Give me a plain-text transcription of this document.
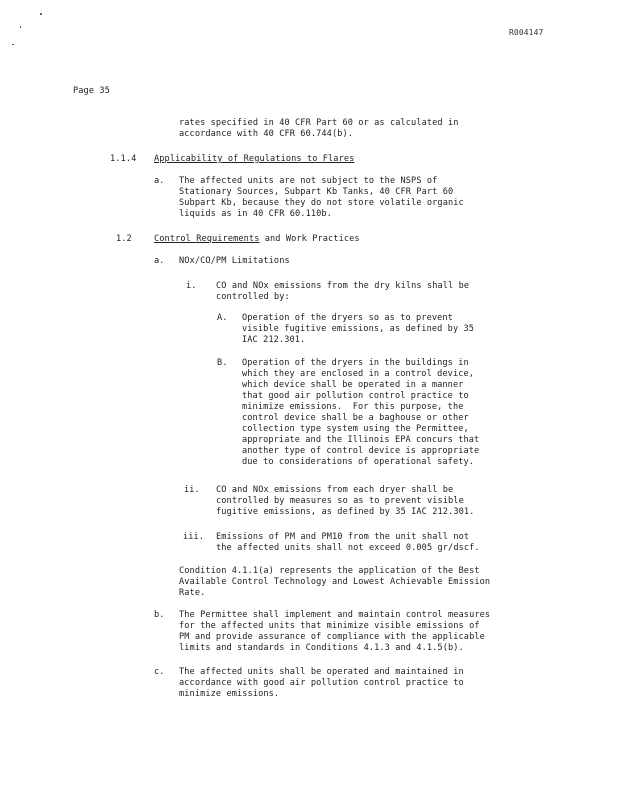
R004147
Page 35
rates specified in 40 CFR Part 60 or as calculated in
accordance with 40 CFR 60.744(b).
1.1.4 Applicability of Regulations to Flares
a. The affected units are not subject to the NSPS of
Stationary Sources, Subpart Kb Tanks, 40 CFR Part 60
Subpart Kb, because they do not store volatile organic
liquids as in 40 CFR 60.110b.
1.2	Control Requirements and Work Practices
a. NOx/CO/PM Limitations
i. CO and NOx emissions from the dry kilns shall be
controlled by:
A. Operation of the dryers so as to prevent
visible fugitive emissions, as defined by 35
IAC 212.301.
B. Operation of the dryers in the buildings in
which they are enclosed in a control device,
which device shall be operated in a manner
that good air pollution control practice to
minimize emissions.  For this purpose, the
control device shall be a baghouse or other
collection type system using the Permittee,
appropriate and the Illinois EPA concurs that
another type of control device is appropriate
due to considerations of operational safety.
ii. CO and NOx emissions from each dryer shall be
controlled by measures so as to prevent visible
fugitive emissions, as defined by 35 IAC 212.301.
iii. Emissions of PM and PM10 from the unit shall not
the affected units shall not exceed 0.005 gr/dscf.
Condition 4.1.1(a) represents the application of the Best
Available Control Technology and Lowest Achievable Emission
Rate.
b. The Permittee shall implement and maintain control measures
for the affected units that minimize visible emissions of
PM and provide assurance of compliance with the applicable
limits and standards in Conditions 4.1.3 and 4.1.5(b).
c. The affected units shall be operated and maintained in
accordance with good air pollution control practice to
minimize emissions.
